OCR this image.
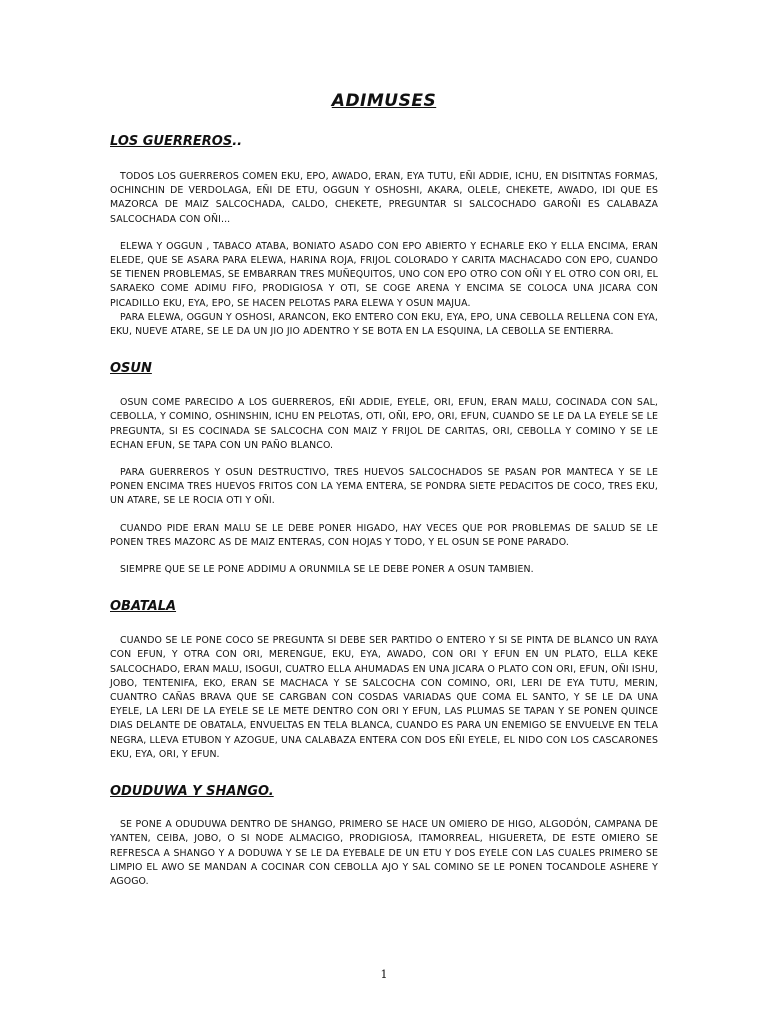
ADIMUSES
LOS GUERREROS..

TODOS LOS GUERREROS COMEN EKU, EPO, AWADO, ERAN, EYA TUTU, EÑI ADDIE, ICHU, EN DISITNTAS FORMAS, OCHINCHIN DE VERDOLAGA, EÑI DE ETU, OGGUN Y OSHOSHI, AKARA, OLELE, CHEKETE, AWADO, IDI QUE ES MAZORCA DE MAIZ SALCOCHADA, CALDO, CHEKETE, PREGUNTAR SI SALCOCHADO GAROÑI ES CALABAZA SALCOCHADA CON OÑI...

ELEWA Y OGGUN , TABACO ATABA, BONIATO ASADO CON EPO ABIERTO Y ECHARLE EKO Y ELLA ENCIMA, ERAN ELEDE, QUE SE ASARA PARA ELEWA, HARINA ROJA, FRIJOL COLORADO Y CARITA MACHACADO CON EPO, CUANDO SE TIENEN PROBLEMAS, SE EMBARRAN TRES MUÑEQUITOS, UNO CON EPO OTRO CON OÑI Y EL OTRO CON ORI, EL SARAEKO COME ADIMU FIFO, PRODIGIOSA Y OTI, SE COGE ARENA Y ENCIMA SE COLOCA UNA JICARA CON PICADILLO EKU, EYA, EPO, SE HACEN PELOTAS PARA ELEWA Y OSUN MAJUA.

PARA ELEWA, OGGUN Y OSHOSI, ARANCON, EKO ENTERO CON EKU, EYA, EPO, UNA CEBOLLA RELLENA CON EYA, EKU, NUEVE ATARE, SE LE DA UN JIO JIO ADENTRO Y SE BOTA EN LA ESQUINA, LA CEBOLLA SE ENTIERRA.

OSUN

OSUN COME PARECIDO A LOS GUERREROS, EÑI ADDIE, EYELE, ORI, EFUN, ERAN MALU, COCINADA CON SAL, CEBOLLA, Y COMINO, OSHINSHIN, ICHU EN PELOTAS, OTI, OÑI, EPO, ORI, EFUN, CUANDO SE LE DA LA EYELE SE LE PREGUNTA, SI ES COCINADA SE SALCOCHA CON MAIZ Y FRIJOL DE CARITAS, ORI, CEBOLLA Y COMINO Y SE LE ECHAN EFUN, SE TAPA CON UN PAÑO BLANCO.

PARA GUERREROS Y OSUN DESTRUCTIVO, TRES HUEVOS SALCOCHADOS SE PASAN POR MANTECA Y SE LE PONEN ENCIMA TRES HUEVOS FRITOS CON LA YEMA ENTERA, SE PONDRA SIETE PEDACITOS DE COCO, TRES EKU, UN ATARE, SE LE ROCIA OTI Y OÑI.

CUANDO PIDE ERAN MALU SE LE DEBE PONER HIGADO, HAY VECES QUE POR PROBLEMAS DE SALUD SE LE PONEN TRES MAZORC AS DE MAIZ ENTERAS, CON HOJAS Y TODO, Y EL OSUN SE PONE PARADO.

SIEMPRE QUE SE LE PONE ADDIMU A ORUNMILA SE LE DEBE PONER A OSUN TAMBIEN.

OBATALA

CUANDO SE LE PONE COCO SE PREGUNTA SI DEBE SER PARTIDO O ENTERO Y SI SE PINTA DE BLANCO UN RAYA CON EFUN, Y OTRA CON ORI, MERENGUE, EKU, EYA, AWADO, CON ORI Y EFUN EN UN PLATO, ELLA KEKE SALCOCHADO, ERAN MALU, ISOGUI, CUATRO ELLA AHUMADAS EN UNA JICARA O PLATO CON ORI, EFUN, OÑI ISHU, JOBO, TENTENIFA, EKO, ERAN SE MACHACA Y SE SALCOCHA CON COMINO, ORI, LERI DE EYA TUTU, MERIN, CUANTRO CAÑAS BRAVA QUE SE CARGBAN CON COSDAS VARIADAS QUE COMA EL SANTO, Y SE LE DA UNA EYELE, LA LERI DE LA EYELE SE LE METE DENTRO CON ORI Y EFUN, LAS PLUMAS SE TAPAN Y SE PONEN QUINCE DIAS DELANTE DE OBATALA, ENVUELTAS EN TELA BLANCA, CUANDO ES PARA UN ENEMIGO SE ENVUELVE EN TELA NEGRA, LLEVA ETUBON Y AZOGUE, UNA CALABAZA ENTERA CON DOS EÑI EYELE, EL NIDO CON LOS CASCARONES EKU, EYA, ORI, Y EFUN.

ODUDUWA Y SHANGO.

SE PONE A ODUDUWA DENTRO DE SHANGO, PRIMERO SE HACE UN OMIERO DE HIGO, ALGODÓN, CAMPANA DE YANTEN, CEIBA, JOBO, O SI NODE ALMACIGO, PRODIGIOSA, ITAMORREAL, HIGUERETA, DE ESTE OMIERO SE REFRESCA A SHANGO Y A DODUWA Y SE LE DA EYEBALE DE UN ETU Y DOS EYELE CON LAS CUALES PRIMERO SE LIMPIO EL AWO SE MANDAN A COCINAR CON CEBOLLA AJO Y SAL COMINO SE LE PONEN TOCANDOLE ASHERE Y AGOGO.

1
